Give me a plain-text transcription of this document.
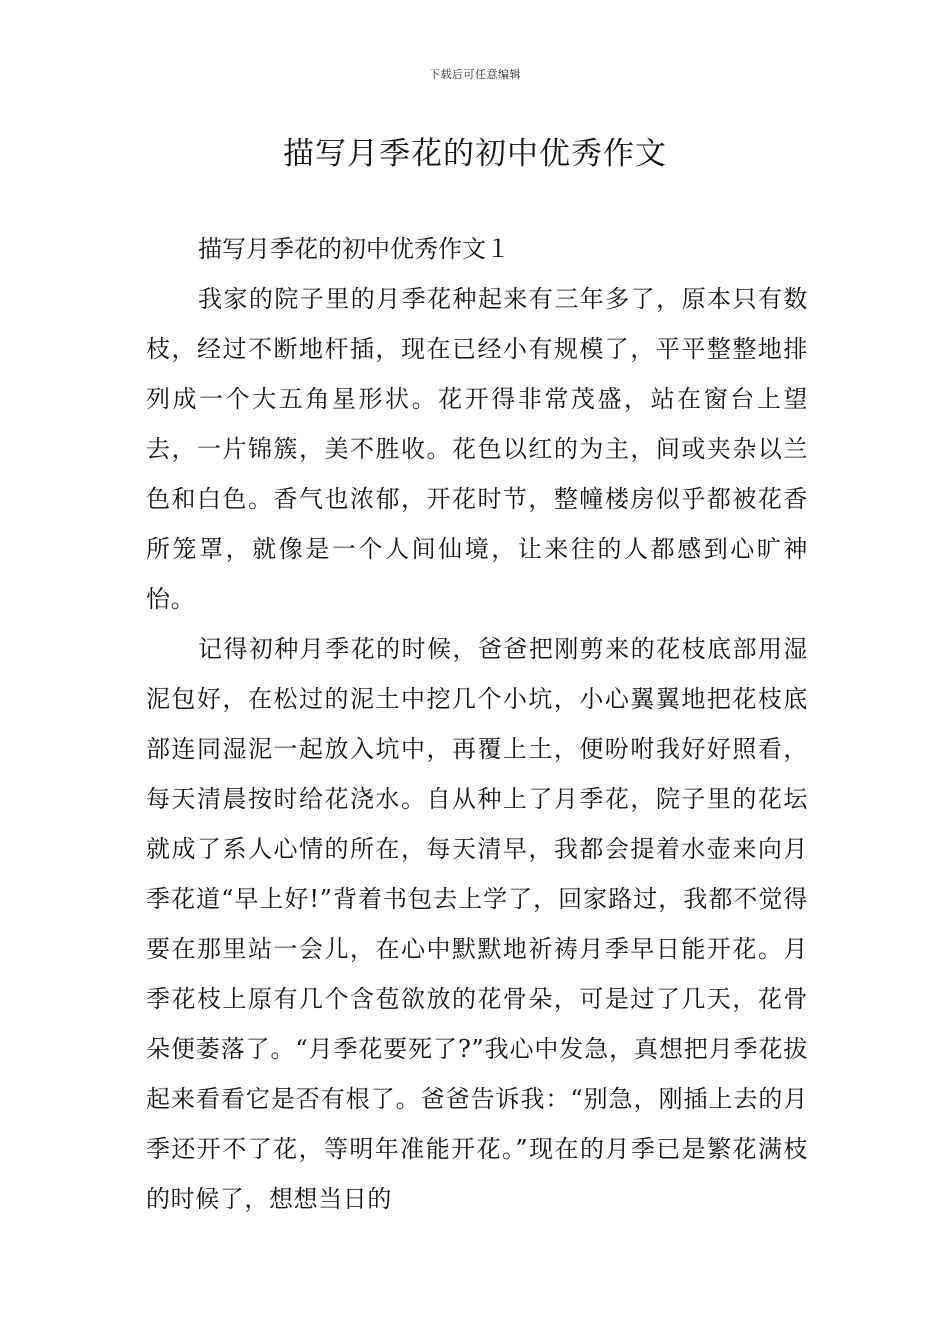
下载后可任意编辑
描写月季花的初中优秀作文

描写月季花的初中优秀作文１

我家的院子里的月季花种起来有三年多了，原本只有数枝，经过不断地杆插，现在已经小有规模了，平平整整地排列成一个大五角星形状。花开得非常茂盛，站在窗台上望去，一片锦簇，美不胜收。花色以红的为主，间或夹杂以兰色和白色。香气也浓郁，开花时节，整幢楼房似乎都被花香所笼罩，就像是一个人间仙境，让来往的人都感到心旷神怡。

记得初种月季花的时候，爸爸把刚剪来的花枝底部用湿泥包好，在松过的泥土中挖几个小坑，小心翼翼地把花枝底部连同湿泥一起放入坑中，再覆上土，便吩咐我好好照看，每天清晨按时给花浇水。自从种上了月季花，院子里的花坛就成了系人心情的所在，每天清早，我都会提着水壶来向月季花道“早上好!”背着书包去上学了，回家路过，我都不觉得要在那里站一会儿，在心中默默地祈祷月季早日能开花。月季花枝上原有几个含苞欲放的花骨朵，可是过了几天，花骨朵便萎落了。“月季花要死了?”我心中发急，真想把月季花拔起来看看它是否有根了。爸爸告诉我：“别急，刚插上去的月季还开不了花，等明年准能开花。”现在的月季已是繁花满枝的时候了，想想当日的
